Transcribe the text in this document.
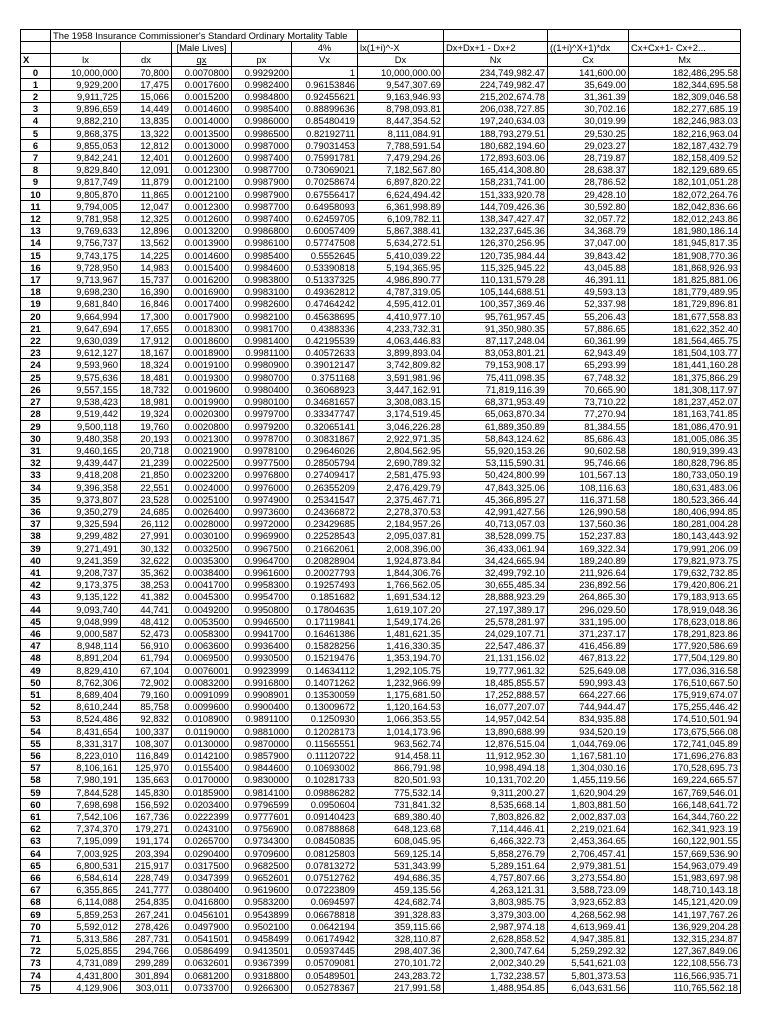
	The 1958 Insurance Commissioner's Standard Ordinary Mortality Table								
			[Male Lives]		4%	lx(1+i)^-X	Dx+Dx+1 - Dx+2	((1+i)^X+1)*dx	Cx+Cx+1- Cx+2...
X	lx	dx	qx	px	Vx	Dx	Nx	Cx	Mx
0	10,000,000	70,800	0.0070800	0.9929200	1	10,000,000.00	234,749,982.47	141,600.00	182,486,295.58
1	9,929,200	17,475	0.0017600	0.9982400	0.96153846	9,547,307.69	224,749,982.47	35,649.00	182,344,695.58
2	9,911,725	15,066	0.0015200	0.9984800	0.92455621	9,163,946.93	215,202,674.78	31,361.39	182,309,046.58
3	9,896,659	14,449	0.0014600	0.9985400	0.88899636	8,798,093.81	206,038,727.85	30,702.16	182,277,685.19
4	9,882,210	13,835	0.0014000	0.9986000	0.85480419	8,447,354.52	197,240,634.03	30,019.99	182,246,983.03
5	9,868,375	13,322	0.0013500	0.9986500	0.82192711	8,111,084.91	188,793,279.51	29,530.25	182,216,963.04
6	9,855,053	12,812	0.0013000	0.9987000	0.79031453	7,788,591.54	180,682,194.60	29,023.27	182,187,432.79
7	9,842,241	12,401	0.0012600	0.9987400	0.75991781	7,479,294.26	172,893,603.06	28,719.87	182,158,409.52
8	9,829,840	12,091	0.0012300	0.9987700	0.73069021	7,182,567.80	165,414,308.80	28,638.37	182,129,689.65
9	9,817,749	11,879	0.0012100	0.9987900	0.70258674	6,897,820.22	158,231,741.00	28,786.52	182,101,051.28
10	9,805,870	11,865	0.0012100	0.9987900	0.67556417	6,624,494.42	151,333,920.78	29,428.10	182,072,264.76
11	9,794,005	12,047	0.0012300	0.9987700	0.64958093	6,361,998.89	144,709,426.36	30,592.80	182,042,836.66
12	9,781,958	12,325	0.0012600	0.9987400	0.62459705	6,109,782.11	138,347,427.47	32,057.72	182,012,243.86
13	9,769,633	12,896	0.0013200	0.9986800	0.60057409	5,867,388.41	132,237,645.36	34,368.79	181,980,186.14
14	9,756,737	13,562	0.0013900	0.9986100	0.57747508	5,634,272.51	126,370,256.95	37,047.00	181,945,817.35
15	9,743,175	14,225	0.0014600	0.9985400	0.5552645	5,410,039.22	120,735,984.44	39,843.42	181,908,770.36
16	9,728,950	14,983	0.0015400	0.9984600	0.53390818	5,194,365.95	115,325,945.22	43,045.88	181,868,926.93
17	9,713,967	15,737	0.0016200	0.9983800	0.51337325	4,986,890.77	110,131,579.28	46,391.11	181,825,881.06
18	9,698,230	16,390	0.0016900	0.9983100	0.49362812	4,787,319.05	105,144,688.51	49,593.13	181,779,489.95
19	9,681,840	16,846	0.0017400	0.9982600	0.47464242	4,595,412.01	100,357,369.46	52,337.98	181,729,896.81
20	9,664,994	17,300	0.0017900	0.9982100	0.45638695	4,410,977.10	95,761,957.45	55,206.43	181,677,558.83
21	9,647,694	17,655	0.0018300	0.9981700	0.4388336	4,233,732.31	91,350,980.35	57,886.65	181,622,352.40
22	9,630,039	17,912	0.0018600	0.9981400	0.42195539	4,063,446.83	87,117,248.04	60,361.99	181,564,465.75
23	9,612,127	18,167	0.0018900	0.9981100	0.40572633	3,899,893.04	83,053,801.21	62,943.49	181,504,103.77
24	9,593,960	18,324	0.0019100	0.9980900	0.39012147	3,742,809.82	79,153,908.17	65,293.99	181,441,160.28
25	9,575,636	18,481	0.0019300	0.9980700	0.3751168	3,591,981.96	75,411,098.35	67,748.32	181,375,866.29
26	9,557,155	18,732	0.0019600	0.9980400	0.36068923	3,447,162.91	71,819,116.39	70,665.90	181,308,117.97
27	9,538,423	18,981	0.0019900	0.9980100	0.34681657	3,308,083.15	68,371,953.49	73,710.22	181,237,452.07
28	9,519,442	19,324	0.0020300	0.9979700	0.33347747	3,174,519.45	65,063,870.34	77,270.94	181,163,741.85
29	9,500,118	19,760	0.0020800	0.9979200	0.32065141	3,046,226.28	61,889,350.89	81,384.55	181,086,470.91
30	9,480,358	20,193	0.0021300	0.9978700	0.30831867	2,922,971.35	58,843,124.62	85,686.43	181,005,086.35
31	9,460,165	20,718	0.0021900	0.9978100	0.29646026	2,804,562.95	55,920,153.26	90,602.58	180,919,399.43
32	9,439,447	21,239	0.0022500	0.9977500	0.28505794	2,690,789.32	53,115,590.31	95,746.66	180,828,796.85
33	9,418,208	21,850	0.0023200	0.9976800	0.27409417	2,581,475.93	50,424,800.99	101,567.13	180,733,050.19
34	9,396,358	22,551	0.0024000	0.9976000	0.26355209	2,476,429.79	47,843,325.06	108,116.63	180,631,483.06
35	9,373,807	23,528	0.0025100	0.9974900	0.25341547	2,375,467.71	45,366,895.27	116,371.58	180,523,366.44
36	9,350,279	24,685	0.0026400	0.9973600	0.24366872	2,278,370.53	42,991,427.56	126,990.58	180,406,994.85
37	9,325,594	26,112	0.0028000	0.9972000	0.23429685	2,184,957.26	40,713,057.03	137,560.36	180,281,004.28
38	9,299,482	27,991	0.0030100	0.9969900	0.22528543	2,095,037.81	38,528,099.75	152,237.83	180,143,443.92
39	9,271,491	30,132	0.0032500	0.9967500	0.21662061	2,008,396.00	36,433,061.94	169,322.34	179,991,206.09
40	9,241,359	32,622	0.0035300	0.9964700	0.20828904	1,924,873.84	34,424,665.94	189,240.89	179,821,973.75
41	9,208,737	35,362	0.0038400	0.9961600	0.20027793	1,844,306.76	32,499,792.10	211,926.64	179,632,732.85
42	9,173,375	38,253	0.0041700	0.9958300	0.19257493	1,766,562.05	30,655,485.34	236,892.56	179,420,806.21
43	9,135,122	41,382	0.0045300	0.9954700	0.1851682	1,691,534.12	28,888,923.29	264,865.30	179,183,913.65
44	9,093,740	44,741	0.0049200	0.9950800	0.17804635	1,619,107.20	27,197,389.17	296,029.50	178,919,048.36
45	9,048,999	48,412	0.0053500	0.9946500	0.17119841	1,549,174.26	25,578,281.97	331,195.00	178,623,018.86
46	9,000,587	52,473	0.0058300	0.9941700	0.16461386	1,481,621.35	24,029,107.71	371,237.17	178,291,823.86
47	8,948,114	56,910	0.0063600	0.9936400	0.15828256	1,416,330.35	22,547,486.37	416,456.89	177,920,586.69
48	8,891,204	61,794	0.0069500	0.9930500	0.15219476	1,353,194.70	21,131,156.02	467,813.22	177,504,129.80
49	8,829,410	67,104	0.0076001	0.9923999	0.14634112	1,292,105.75	19,777,961.32	525,649.08	177,036,316.58
50	8,762,306	72,902	0.0083200	0.9916800	0.14071262	1,232,966.99	18,485,855.57	590,993.43	176,510,667.50
51	8,689,404	79,160	0.0091099	0.9908901	0.13530059	1,175,681.50	17,252,888.57	664,227.66	175,919,674.07
52	8,610,244	85,758	0.0099600	0.9900400	0.13009672	1,120,164.53	16,077,207.07	744,944.47	175,255,446.42
53	8,524,486	92,832	0.0108900	0.9891100	0.1250930	1,066,353.55	14,957,042.54	834,935.88	174,510,501.94
54	8,431,654	100,337	0.0119000	0.9881000	0.12028173	1,014,173.96	13,890,688.99	934,520.19	173,675,566.08
55	8,331,317	108,307	0.0130000	0.9870000	0.11565551	963,562.74	12,876,515.04	1,044,769.06	172,741,045.89
56	8,223,010	116,849	0.0142100	0.9857900	0.11120722	914,458.11	11,912,952.30	1,167,581.10	171,696,276.83
57	8,106,161	125,970	0.0155400	0.9844600	0.10693002	866,791.98	10,998,494.18	1,304,030.16	170,528,695.73
58	7,980,191	135,663	0.0170000	0.9830000	0.10281733	820,501.93	10,131,702.20	1,455,119.56	169,224,665.57
59	7,844,528	145,830	0.0185900	0.9814100	0.09886282	775,532.14	9,311,200.27	1,620,904.29	167,769,546.01
60	7,698,698	156,592	0.0203400	0.9796599	0.0950604	731,841.32	8,535,668.14	1,803,881.50	166,148,641.72
61	7,542,106	167,736	0.0222399	0.9777601	0.09140423	689,380.40	7,803,826.82	2,002,837.03	164,344,760.22
62	7,374,370	179,271	0.0243100	0.9756900	0.08788868	648,123.68	7,114,446.41	2,219,021.64	162,341,923.19
63	7,195,099	191,174	0.0265700	0.9734300	0.08450835	608,045.95	6,466,322.73	2,453,364.65	160,122,901.55
64	7,003,925	203,394	0.0290400	0.9709600	0.08125803	569,125.14	5,858,276.79	2,706,457.41	157,669,536.90
65	6,800,531	215,917	0.0317500	0.9682500	0.07813272	531,343.99	5,289,151.64	2,979,381.51	154,963,079.49
66	6,584,614	228,749	0.0347399	0.9652601	0.07512762	494,686.35	4,757,807.66	3,273,554.80	151,983,697.98
67	6,355,865	241,777	0.0380400	0.9619600	0.07223809	459,135.56	4,263,121.31	3,588,723.09	148,710,143.18
68	6,114,088	254,835	0.0416800	0.9583200	0.0694597	424,682.74	3,803,985.75	3,923,652.83	145,121,420.09
69	5,859,253	267,241	0.0456101	0.9543899	0.06678818	391,328.83	3,379,303.00	4,268,562.98	141,197,767.26
70	5,592,012	278,426	0.0497900	0.9502100	0.0642194	359,115.66	2,987,974.18	4,613,969.41	136,929,204.28
71	5,313,586	287,731	0.0541501	0.9458499	0.06174942	328,110.87	2,628,858.52	4,947,385.81	132,315,234.87
72	5,025,855	294,766	0.0586499	0.9413501	0.05937445	298,407.36	2,300,747.64	5,259,292.32	127,367,849.06
73	4,731,089	299,289	0.0632601	0.9367399	0.05709081	270,101.72	2,002,340.29	5,541,621.03	122,108,556.73
74	4,431,800	301,894	0.0681200	0.9318800	0.05489501	243,283.72	1,732,238.57	5,801,373.53	116,566,935.71
75	4,129,906	303,011	0.0733700	0.9266300	0.05278367	217,991.58	1,488,954.85	6,043,631.56	110,765,562.18
